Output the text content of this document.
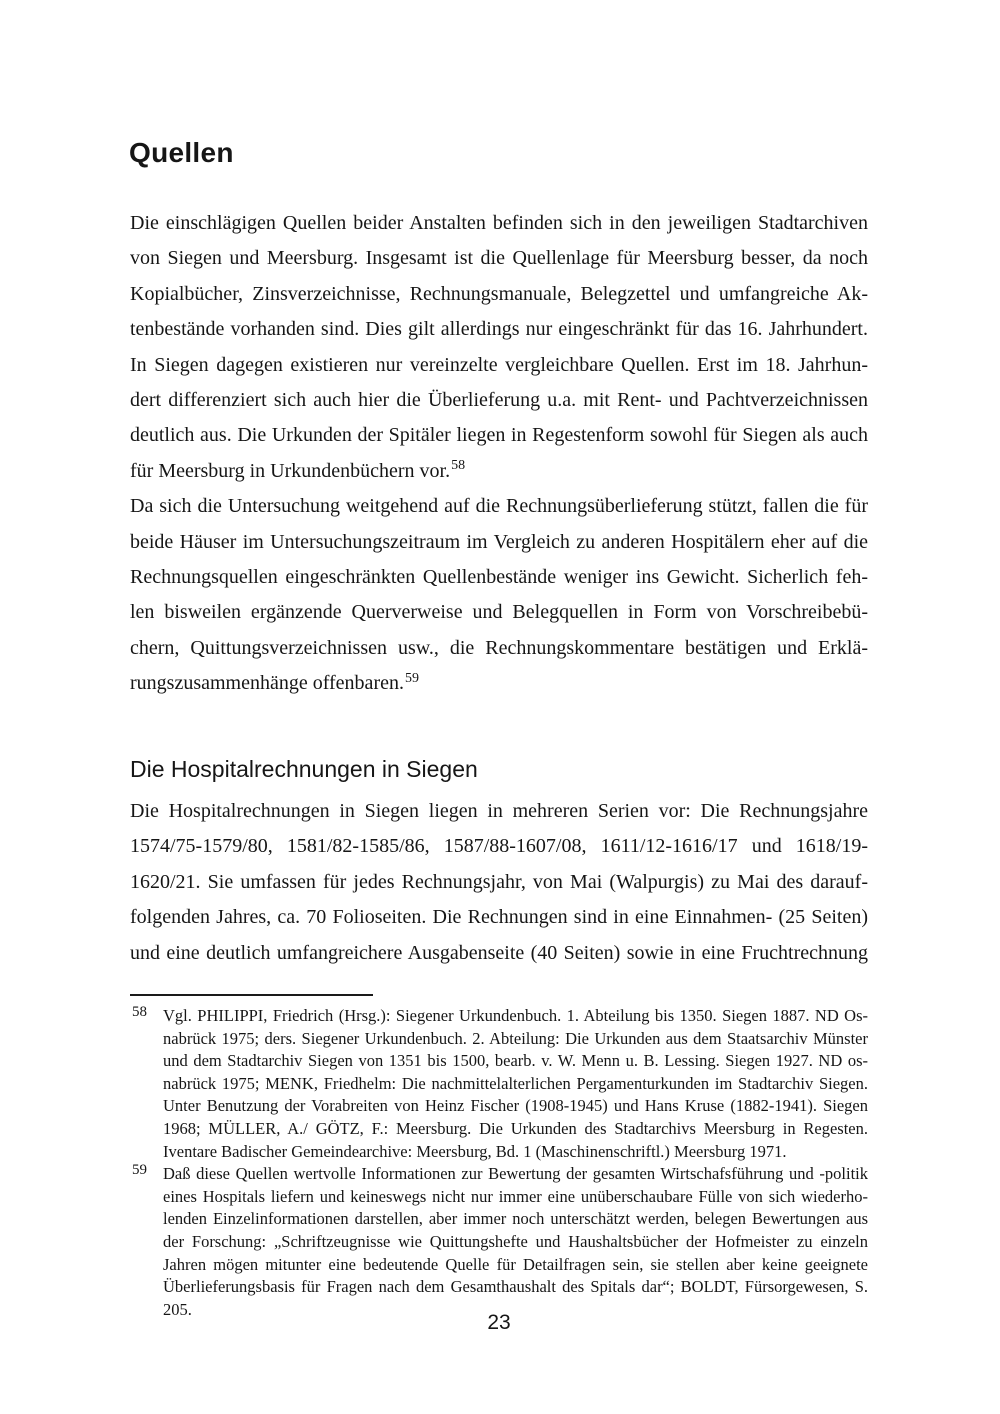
Quellen
Die einschlägigen Quellen beider Anstalten befinden sich in den jeweiligen Stadtarchiven
von Siegen und Meersburg. Insgesamt ist die Quellenlage für Meersburg besser, da noch
Kopialbücher, Zinsverzeichnisse, Rechnungsmanuale, Belegzettel und umfangreiche Ak-
tenbestände vorhanden sind. Dies gilt allerdings nur eingeschränkt für das 16. Jahrhundert.
In Siegen dagegen existieren nur vereinzelte vergleichbare Quellen. Erst im 18. Jahrhun-
dert differenziert sich auch hier die Überlieferung u.a. mit Rent- und Pachtverzeichnissen
deutlich aus. Die Urkunden der Spitäler liegen in Regestenform sowohl für Siegen als auch
für Meersburg in Urkundenbüchern vor.$^{58}$
Da sich die Untersuchung weitgehend auf die Rechnungsüberlieferung stützt, fallen die für
beide Häuser im Untersuchungszeitraum im Vergleich zu anderen Hospitälern eher auf die
Rechnungsquellen eingeschränkten Quellenbestände weniger ins Gewicht. Sicherlich feh-
len bisweilen ergänzende Querverweise und Belegquellen in Form von Vorschreibebü-
chern, Quittungsverzeichnissen usw., die Rechnungskommentare bestätigen und Erklä-
rungszusammenhänge offenbaren.$^{59}$
Die Hospitalrechnungen in Siegen
Die Hospitalrechnungen in Siegen liegen in mehreren Serien vor: Die Rechnungsjahre
1574/75-1579/80, 1581/82-1585/86, 1587/88-1607/08, 1611/12-1616/17 und 1618/19-
1620/21. Sie umfassen für jedes Rechnungsjahr, von Mai (Walpurgis) zu Mai des darauf-
folgenden Jahres, ca. 70 Folioseiten. Die Rechnungen sind in eine Einnahmen- (25 Seiten)
und eine deutlich umfangreichere Ausgabenseite (40 Seiten) sowie in eine Fruchtrechnung
58 Vgl. PHILIPPI, Friedrich (Hrsg.): Siegener Urkundenbuch. 1. Abteilung bis 1350. Siegen 1887. ND Os-
nabrück 1975; ders. Siegener Urkundenbuch. 2. Abteilung: Die Urkunden aus dem Staatsarchiv Münster
und dem Stadtarchiv Siegen von 1351 bis 1500, bearb. v. W. Menn u. B. Lessing. Siegen 1927. ND os-
nabrück 1975; MENK, Friedhelm: Die nachmittelalterlichen Pergamenturkunden im Stadtarchiv Siegen.
Unter Benutzung der Vorabreiten von Heinz Fischer (1908-1945) und Hans Kruse (1882-1941). Siegen
1968; MÜLLER, A./ GÖTZ, F.: Meersburg. Die Urkunden des Stadtarchivs Meersburg in Regesten.
Iventare Badischer Gemeindearchive: Meersburg, Bd. 1 (Maschinenschriftl.) Meersburg 1971.
59 Daß diese Quellen wertvolle Informationen zur Bewertung der gesamten Wirtschafsführung und -politik
eines Hospitals liefern und keineswegs nicht nur immer eine unüberschaubare Fülle von sich wiederho-
lenden Einzelinformationen darstellen, aber immer noch unterschätzt werden, belegen Bewertungen aus
der Forschung: „Schriftzeugnisse wie Quittungshefte und Haushaltsbücher der Hofmeister zu einzeln
Jahren mögen mitunter eine bedeutende Quelle für Detailfragen sein, sie stellen aber keine geeignete
Überlieferungsbasis für Fragen nach dem Gesamthaushalt des Spitals dar“; BOLDT, Fürsorgewesen, S.
205.
23
